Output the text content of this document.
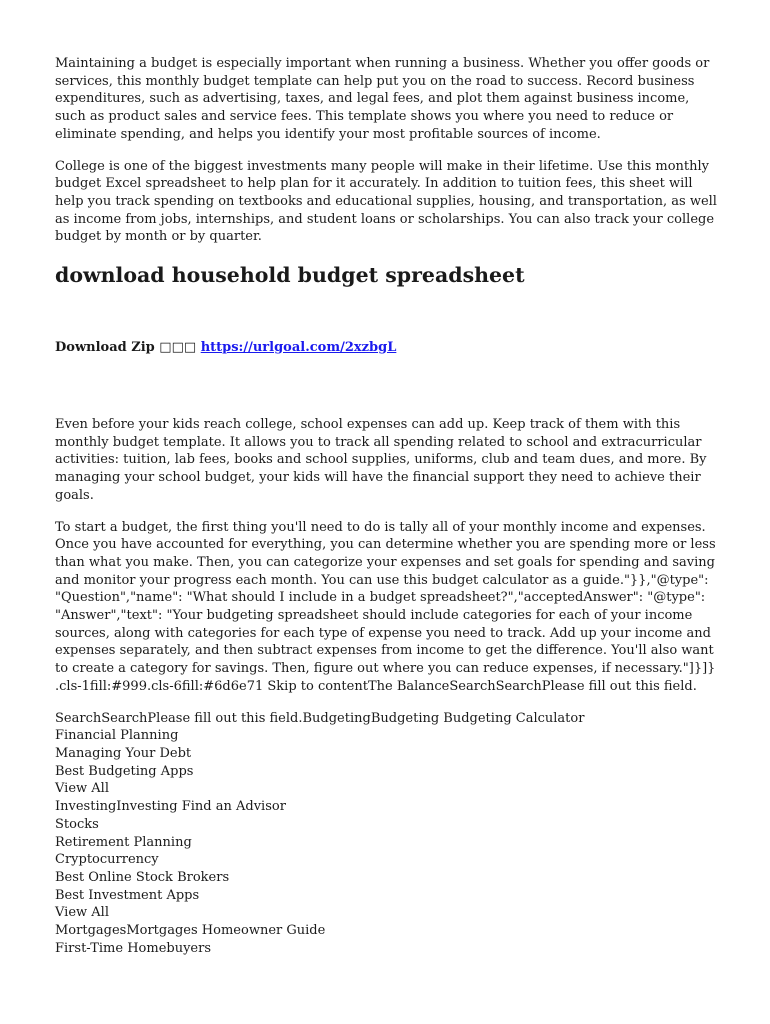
Maintaining a budget is especially important when running a business. Whether you offer goods or services, this monthly budget template can help put you on the road to success. Record business expenditures, such as advertising, taxes, and legal fees, and plot them against business income, such as product sales and service fees. This template shows you where you need to reduce or eliminate spending, and helps you identify your most profitable sources of income.

College is one of the biggest investments many people will make in their lifetime. Use this monthly budget Excel spreadsheet to help plan for it accurately. In addition to tuition fees, this sheet will help you track spending on textbooks and educational supplies, housing, and transportation, as well as income from jobs, internships, and student loans or scholarships. You can also track your college budget by month or by quarter.

download household budget spreadsheet

Download Zip □□□ https://urlgoal.com/2xzbgL

Even before your kids reach college, school expenses can add up. Keep track of them with this monthly budget template. It allows you to track all spending related to school and extracurricular activities: tuition, lab fees, books and school supplies, uniforms, club and team dues, and more. By managing your school budget, your kids will have the financial support they need to achieve their goals.

To start a budget, the first thing you'll need to do is tally all of your monthly income and expenses. Once you have accounted for everything, you can determine whether you are spending more or less than what you make. Then, you can categorize your expenses and set goals for spending and saving and monitor your progress each month. You can use this budget calculator as a guide."}},"@type": "Question","name": "What should I include in a budget spreadsheet?","acceptedAnswer": "@type": "Answer","text": "Your budgeting spreadsheet should include categories for each of your income sources, along with categories for each type of expense you need to track. Add up your income and expenses separately, and then subtract expenses from income to get the difference. You'll also want to create a category for savings. Then, figure out where you can reduce expenses, if necessary."]}]} .cls-1fill:#999.cls-6fill:#6d6e71 Skip to contentThe BalanceSearchSearchPlease fill out this field.

SearchSearchPlease fill out this field.BudgetingBudgeting Budgeting Calculator
Financial Planning
Managing Your Debt
Best Budgeting Apps
View All
InvestingInvesting Find an Advisor
Stocks
Retirement Planning
Cryptocurrency
Best Online Stock Brokers
Best Investment Apps
View All
MortgagesMortgages Homeowner Guide
First-Time Homebuyers
